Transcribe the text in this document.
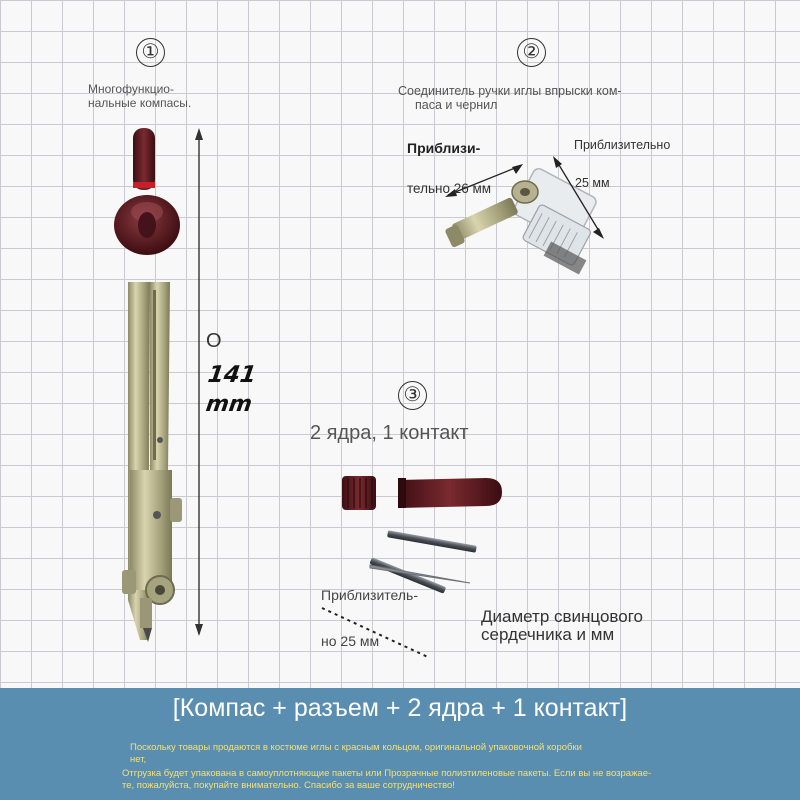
①
Многофункцио-
нальные компасы.
О
141
mm
②
Соединитель ручки иглы впрыски ком-
паса и чернил
Приблизи-
тельно 26 мм
Приблизительно
25 мм
③
2 ядра, 1 контакт
Приблизитель-
но 25 мм
Диаметр свинцового
сердечника и мм
[Компас + разъем + 2 ядра + 1 контакт]
Поскольку товары продаются в костюме иглы с красным кольцом, оригинальной упаковочной коробки
нет,
Отгрузка будет упакована в самоуплотняющие пакеты или Прозрачные полиэтиленовые пакеты. Если вы не возражае-
те, пожалуйста, покупайте внимательно. Спасибо за ваше сотрудничество!
